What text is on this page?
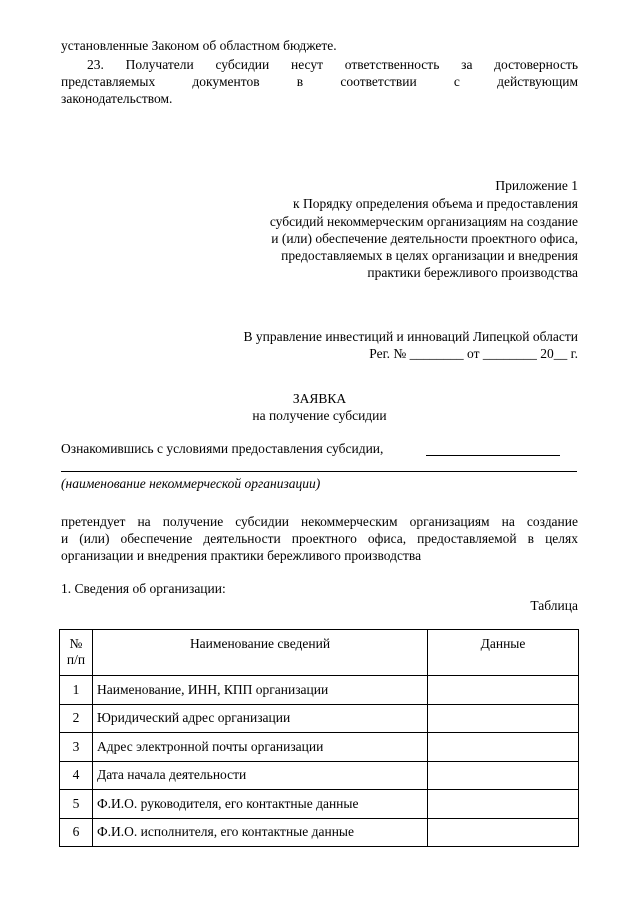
установленные Законом об областном бюджете.
23. Получатели субсидии несут ответственность за достоверность
представляемых документов в соответствии с действующим
законодательством.
Приложение 1
к Порядку определения объема и предоставления
субсидий некоммерческим организациям на создание
и (или) обеспечение деятельности проектного офиса,
предоставляемых в целях организации и внедрения
практики бережливого производства
В управление инвестиций и инноваций Липецкой области
Рег. № ________ от ________ 20__ г.
ЗАЯВКА
на получение субсидии
Ознакомившись с условиями предоставления субсидии,
(наименование некоммерческой организации)
претендует на получение субсидии некоммерческим организациям на создание
и (или) обеспечение деятельности проектного офиса, предоставляемой в целях
организации и внедрения практики бережливого производства
1. Сведения об организации:
Таблица
№
п/п	Наименование сведений	Данные
1	Наименование, ИНН, КПП организации	
2	Юридический адрес организации	
3	Адрес электронной почты организации	
4	Дата начала деятельности	
5	Ф.И.О. руководителя, его контактные данные	
6	Ф.И.О. исполнителя, его контактные данные	
